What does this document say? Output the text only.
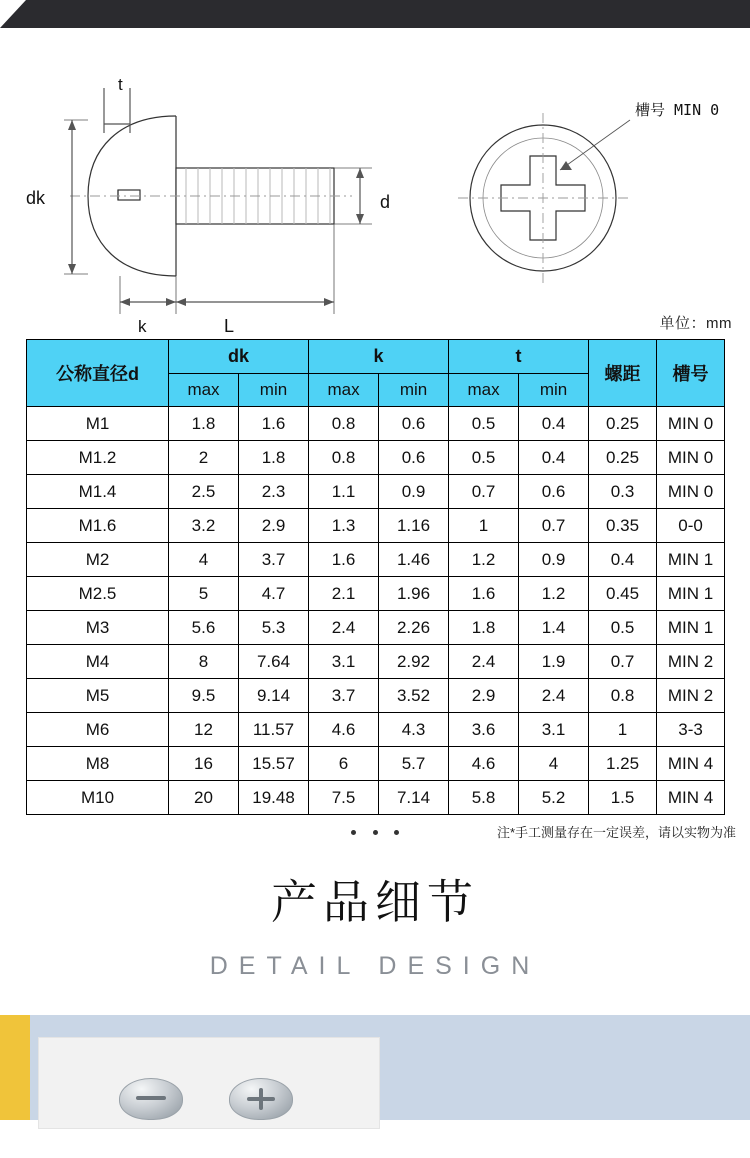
t
dk	d
k	L
槽号 MIN 0
单位：mm
公称直径d	dk		k		t		螺距	槽号
	max	min	max	min	max	min		
M1	1.8	1.6	0.8	0.6	0.5	0.4	0.25	MIN 0
M1.2	2	1.8	0.8	0.6	0.5	0.4	0.25	MIN 0
M1.4	2.5	2.3	1.1	0.9	0.7	0.6	0.3	MIN 0
M1.6	3.2	2.9	1.3	1.16	1	0.7	0.35	0-0
M2	4	3.7	1.6	1.46	1.2	0.9	0.4	MIN 1
M2.5	5	4.7	2.1	1.96	1.6	1.2	0.45	MIN 1
M3	5.6	5.3	2.4	2.26	1.8	1.4	0.5	MIN 1
M4	8	7.64	3.1	2.92	2.4	1.9	0.7	MIN 2
M5	9.5	9.14	3.7	3.52	2.9	2.4	0.8	MIN 2
M6	12	11.57	4.6	4.3	3.6	3.1	1	3-3
M8	16	15.57	6	5.7	4.6	4	1.25	MIN 4
M10	20	19.48	7.5	7.14	5.8	5.2	1.5	MIN 4

注*手工测量存在一定误差，请以实物为准
产品细节
DETAIL DESIGN
